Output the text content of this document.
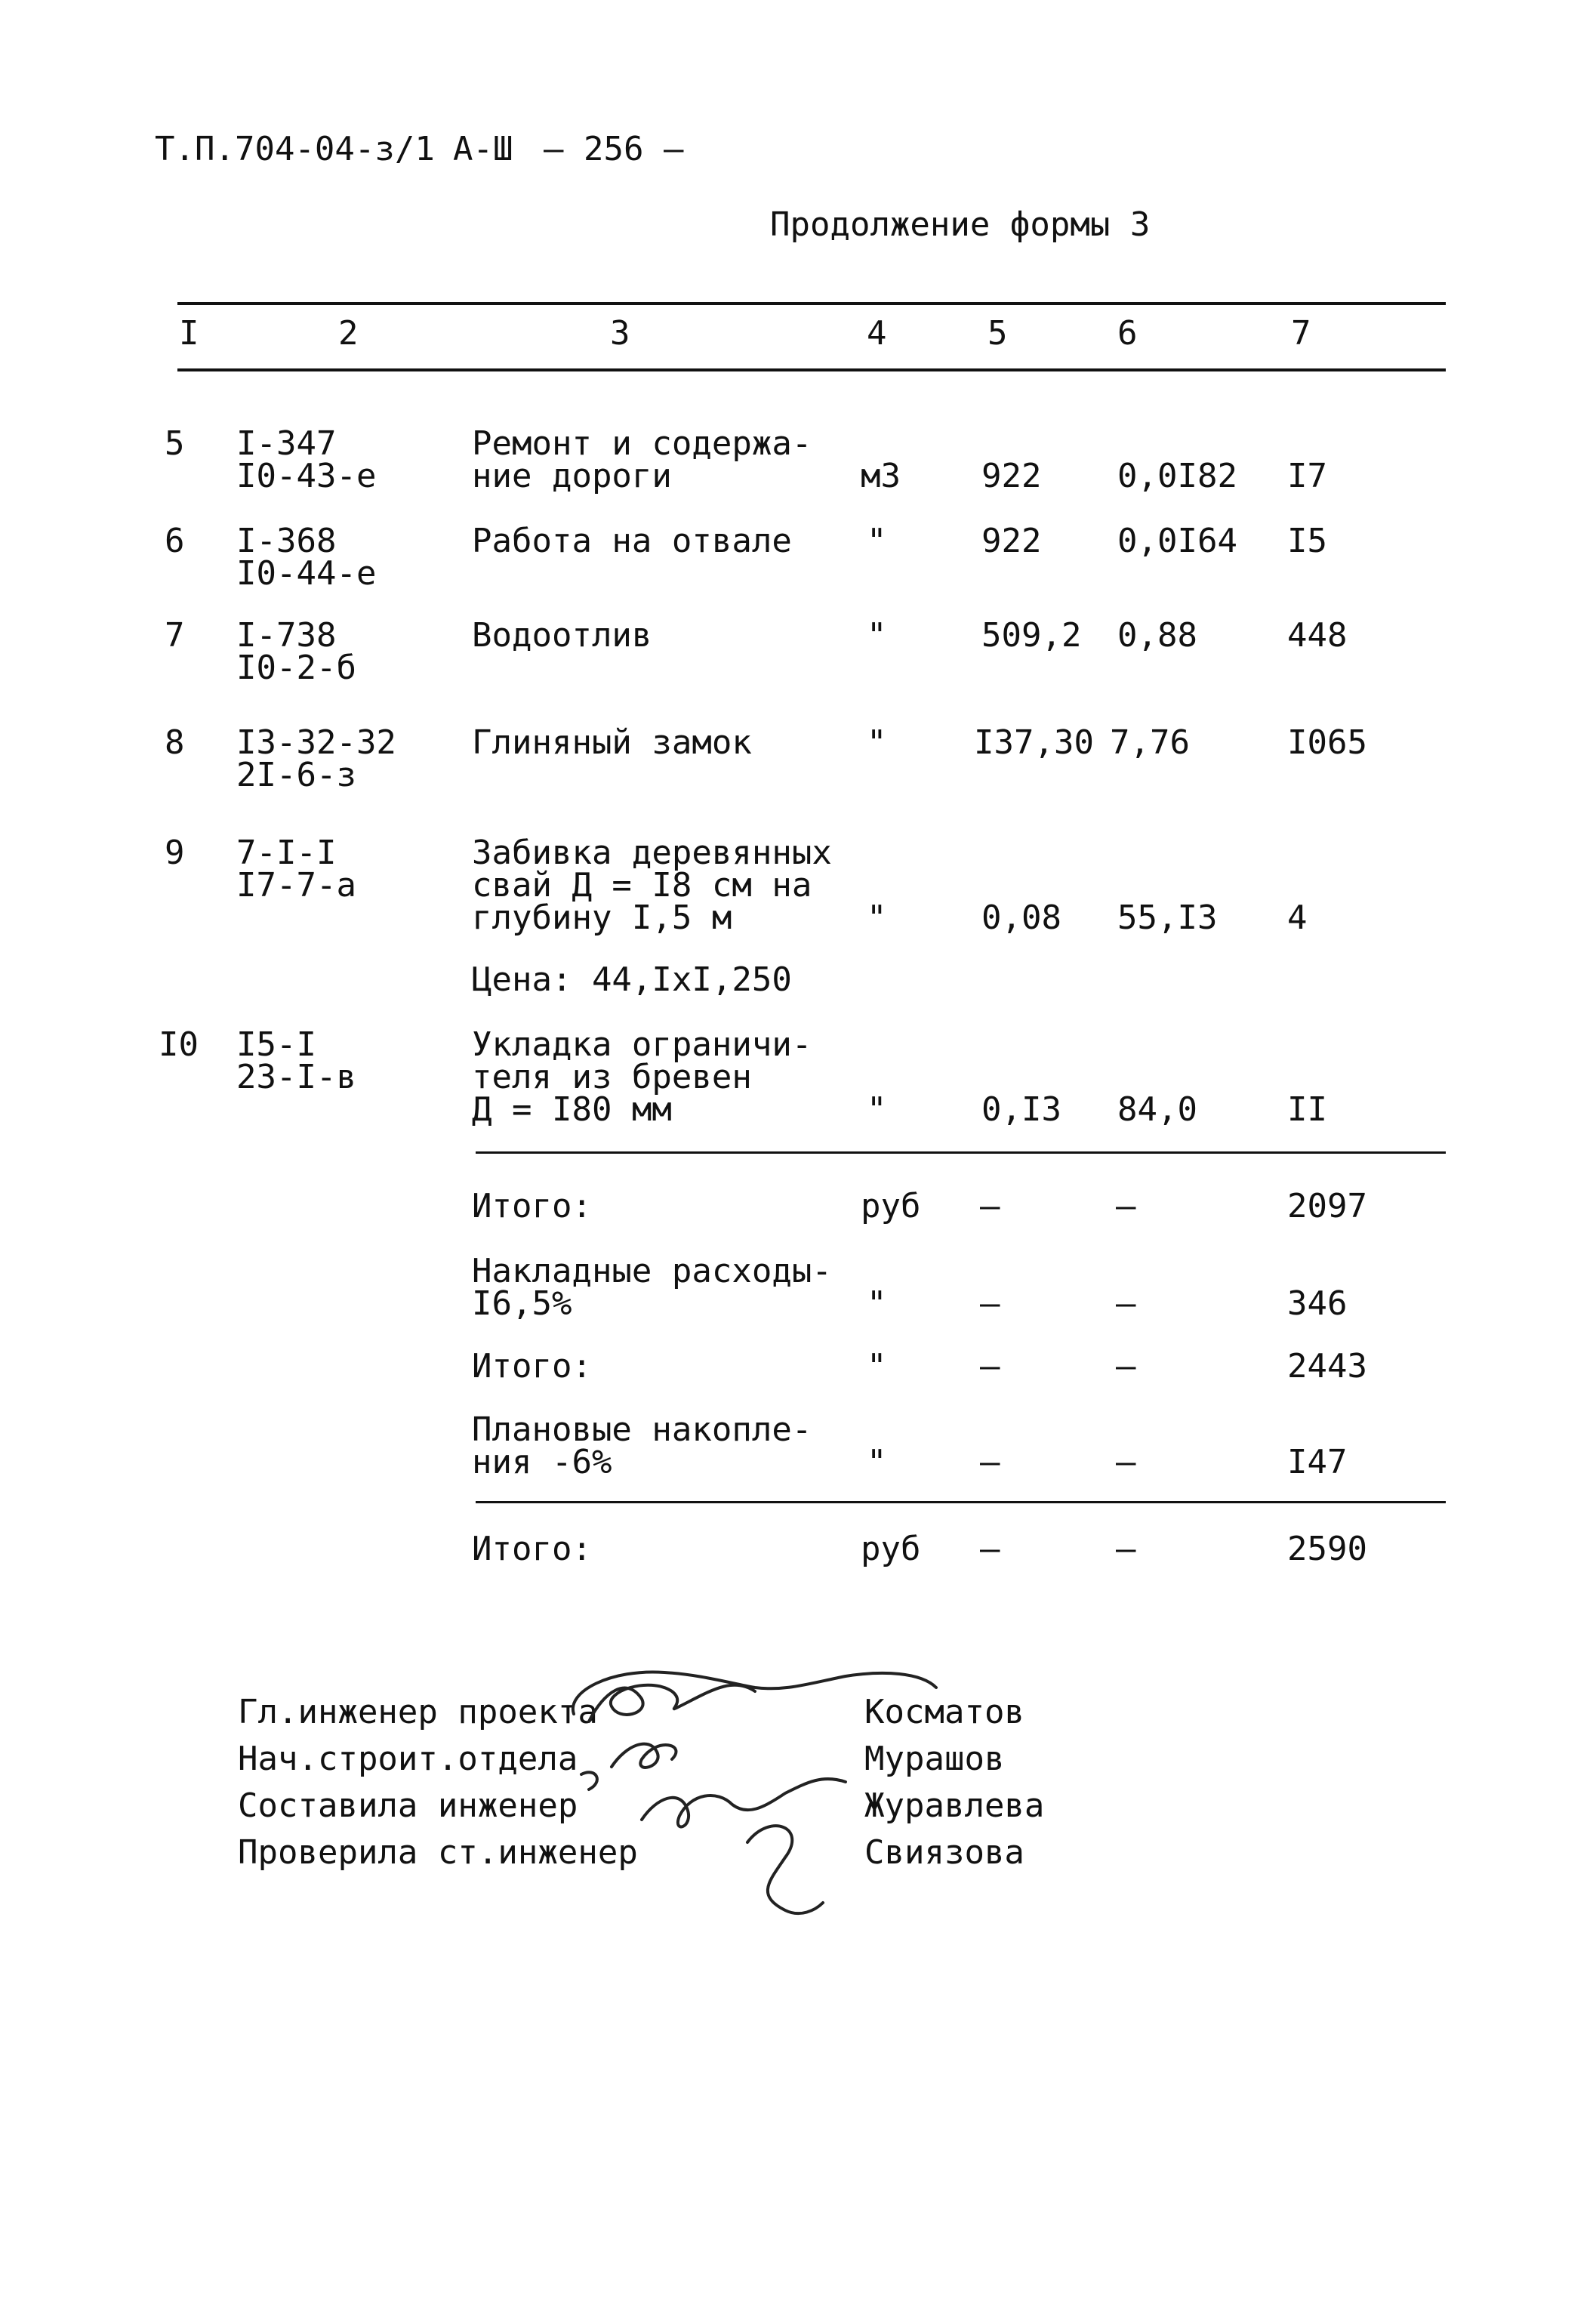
Т.П.704-04-з/1 А-Ш — 256 —
Продолжение формы 3
I	2	3	4	5	6	7
5 I-347
I0-43-е
Ремонт и содержа-
ние дороги	м3 922 0,0I82 I7
6 I-368
I0-44-е
Работа на отвале "	922 0,0I64 I5
7 I-738
I0-2-б
Водоотлив	"	509,2 0,88	448
8 I3-32-32
2I-6-з
Глиняный замок	"	I37,30 7,76	I065
9 7-I-I
I7-7-а
Забивка деревянных
свай Д = I8 см на
глубину I,5 м	"	0,08 55,I3 4
Цена: 44,IxI,250
I0 I5-I
23-I-в
Укладка ограничи-
теля из бревен
Д = I80 мм	"	0,I3 84,0	II
Итого:	руб —	—	2097
Накладные расходы-
I6,5%	"	—	—	346
Итого:	"	—	—	2443
Плановые накопле-
ния -6%	"	—	—	I47
Итого:	руб —	—	2590
Гл.инженер проекта	Косматов
Нач.строит.отдела	Мурашов
Составила инженер	Журавлева
Проверила ст.инженер	Свиязова
